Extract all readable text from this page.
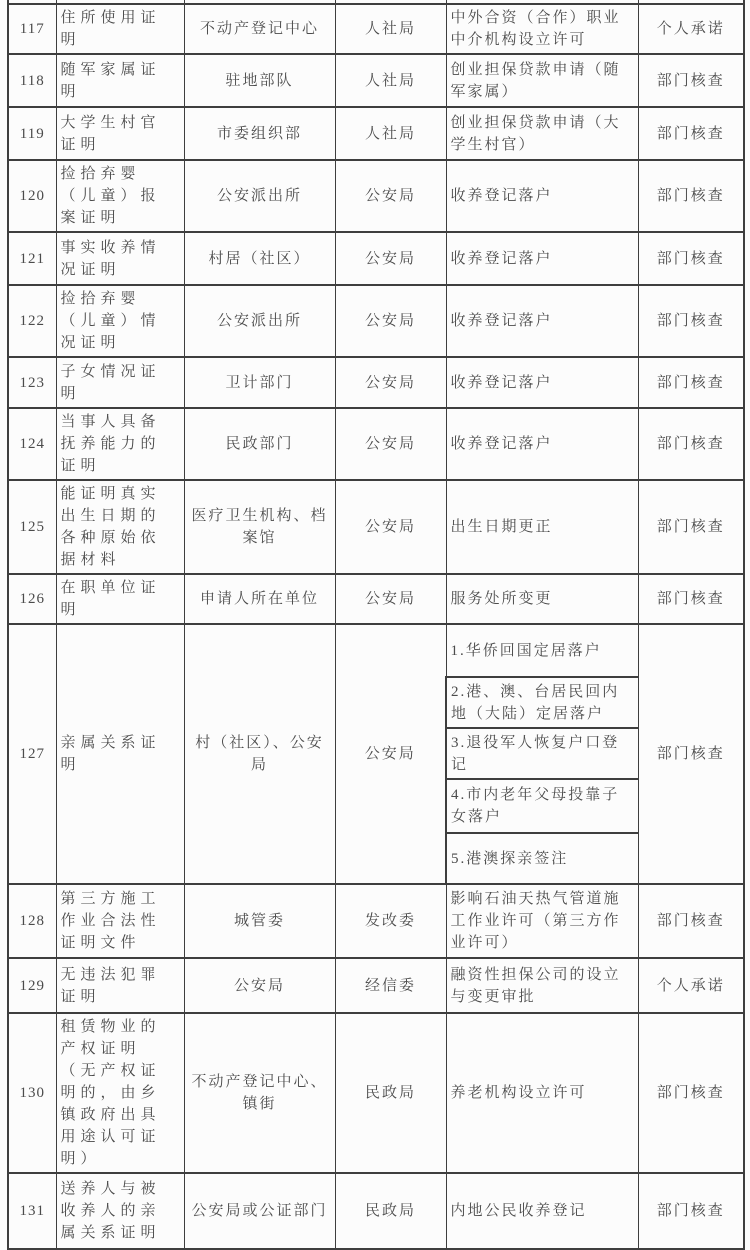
117	住所使用证明	不动产登记中心	人社局	中外合资（合作）职业中介机构设立许可	个人承诺
118	随军家属证明	驻地部队	人社局	创业担保贷款申请（随军家属）	部门核查
119	大学生村官证明	市委组织部	人社局	创业担保贷款申请（大学生村官）	部门核查
120	捡拾弃婴（儿童）报案证明	公安派出所	公安局	收养登记落户	部门核查
121	事实收养情况证明	村居（社区）	公安局	收养登记落户	部门核查
122	捡拾弃婴（儿童）情况证明	公安派出所	公安局	收养登记落户	部门核查
123	子女情况证明	卫计部门	公安局	收养登记落户	部门核查
124	当事人具备抚养能力的证明	民政部门	公安局	收养登记落户	部门核查
125	能证明真实出生日期的各种原始依据材料	医疗卫生机构、档案馆	公安局	出生日期更正	部门核查
126	在职单位证明	申请人所在单位	公安局	服务处所变更	部门核查
127	亲属关系证明	村（社区）、公安局	公安局	1.华侨回国定居落户	部门核查
				2.港、澳、台居民回内地（大陆）定居落户	
				3.退役军人恢复户口登记	
				4.市内老年父母投靠子女落户	
				5.港澳探亲签注	
128	第三方施工作业合法性证明文件	城管委	发改委	影响石油天热气管道施工作业许可（第三方作业许可）	部门核查
129	无违法犯罪证明	公安局	经信委	融资性担保公司的设立与变更审批	个人承诺
130	租赁物业的产权证明（无产权证明的，由乡镇政府出具用途认可证明）	不动产登记中心、镇街	民政局	养老机构设立许可	部门核查
131	送养人与被收养人的亲属关系证明	公安局或公证部门	民政局	内地公民收养登记	部门核查
